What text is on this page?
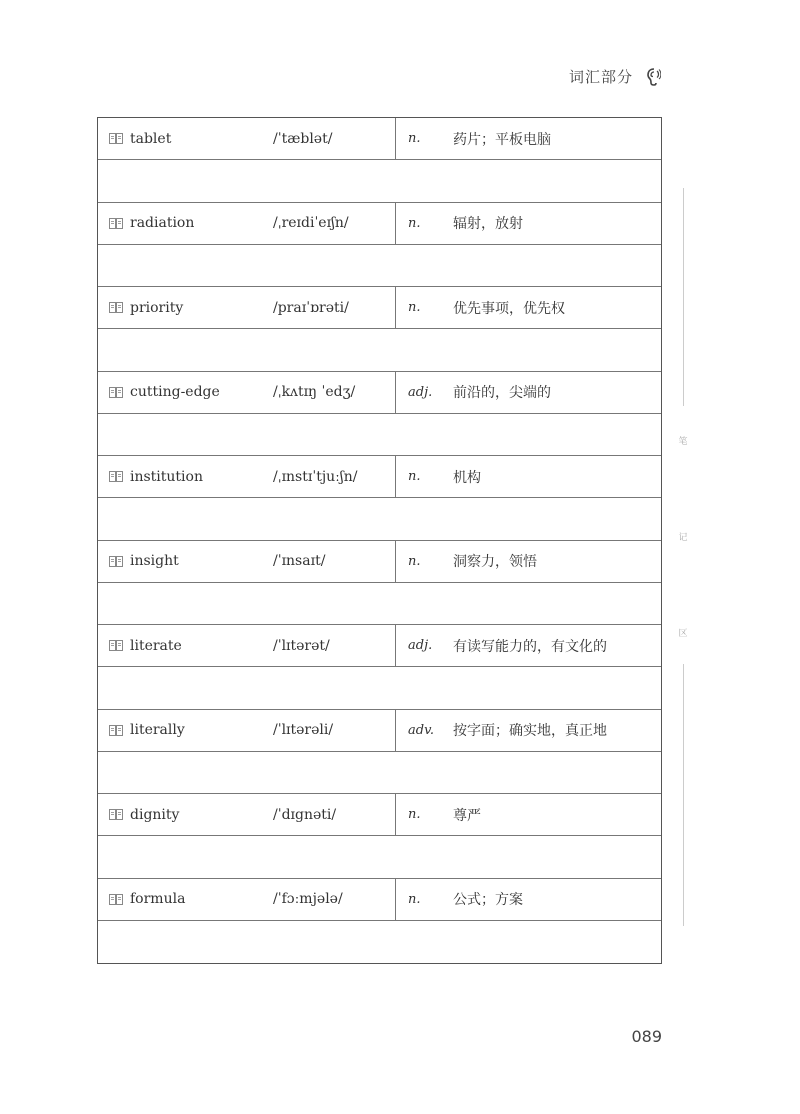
词汇部分
tablet	/ˈtæblət/	n. 药片；平板电脑
radiation	/ˌreɪdiˈeɪʃn/	n. 辐射，放射
priority	/praɪˈɒrəti/	n. 优先事项，优先权
cutting-edge	/ˌkʌtɪŋ ˈedʒ/	adj. 前沿的，尖端的
institution	/ˌɪnstɪˈtjuːʃn/	n. 机构
insight	/ˈɪnsaɪt/	n. 洞察力，领悟
literate	/ˈlɪtərət/	adj. 有读写能力的，有文化的
literally	/ˈlɪtərəli/	adv. 按字面；确实地，真正地
dignity	/ˈdɪgnəti/	n. 尊严
formula	/ˈfɔːmjələ/	n. 公式；方案
笔
记
区
089
